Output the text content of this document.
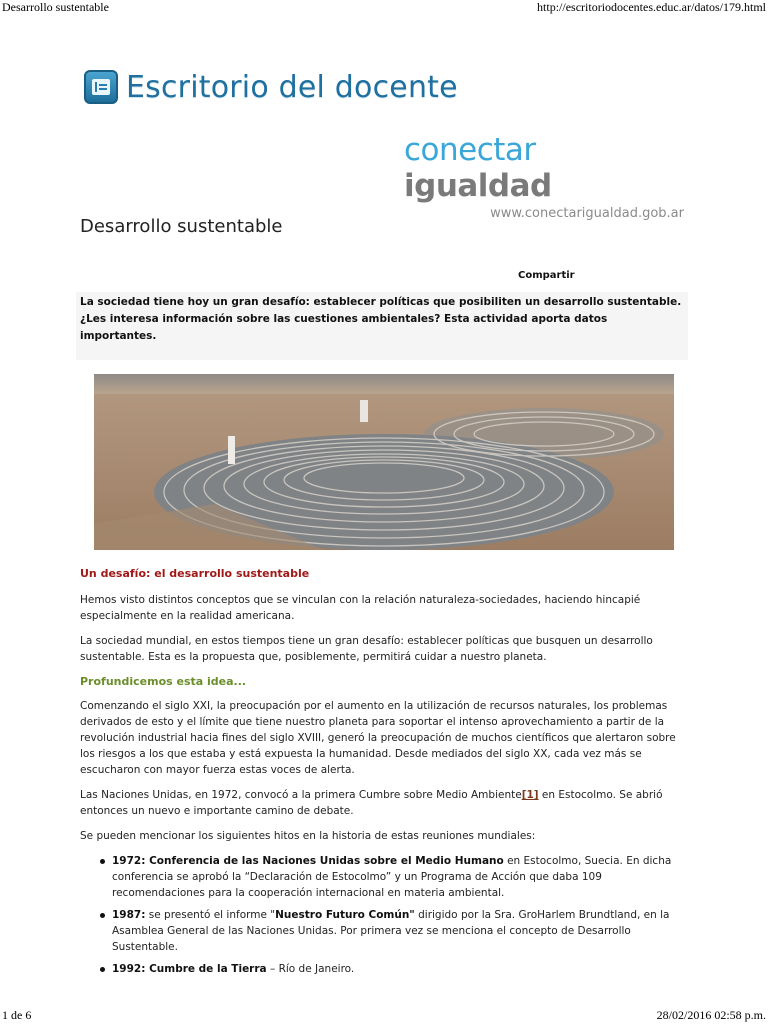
Desarrollo sustentable	http://escritoriodocentes.educ.ar/datos/179.html
Escritorio del docente
conectar igualdad
www.conectarigualdad.gob.ar
Desarrollo sustentable
Compartir
La sociedad tiene hoy un gran desafío: establecer políticas que posibiliten un desarrollo sustentable. ¿Les interesa información sobre las cuestiones ambientales? Esta actividad aporta datos importantes.
Un desafío: el desarrollo sustentable

Hemos visto distintos conceptos que se vinculan con la relación naturaleza-sociedades, haciendo hincapié especialmente en la realidad americana.

La sociedad mundial, en estos tiempos tiene un gran desafío: establecer políticas que busquen un desarrollo sustentable. Esta es la propuesta que, posiblemente, permitirá cuidar a nuestro planeta.

Profundicemos esta idea...

Comenzando el siglo XXI, la preocupación por el aumento en la utilización de recursos naturales, los problemas derivados de esto y el límite que tiene nuestro planeta para soportar el intenso aprovechamiento a partir de la revolución industrial hacia fines del siglo XVIII, generó la preocupación de muchos científicos que alertaron sobre los riesgos a los que estaba y está expuesta la humanidad. Desde mediados del siglo XX, cada vez más se escucharon con mayor fuerza estas voces de alerta.

Las Naciones Unidas, en 1972, convocó a la primera Cumbre sobre Medio Ambiente[1] en Estocolmo. Se abrió entonces un nuevo e importante camino de debate.

Se pueden mencionar los siguientes hitos en la historia de estas reuniones mundiales:

1972: Conferencia de las Naciones Unidas sobre el Medio Humano en Estocolmo, Suecia. En dicha conferencia se aprobó la “Declaración de Estocolmo” y un Programa de Acción que daba 109 recomendaciones para la cooperación internacional en materia ambiental.
1987: se presentó el informe "Nuestro Futuro Común" dirigido por la Sra. GroHarlem Brundtland, en la Asamblea General de las Naciones Unidas. Por primera vez se menciona el concepto de Desarrollo Sustentable.
1992: Cumbre de la Tierra – Río de Janeiro.
1 de 6	28/02/2016 02:58 p.m.
